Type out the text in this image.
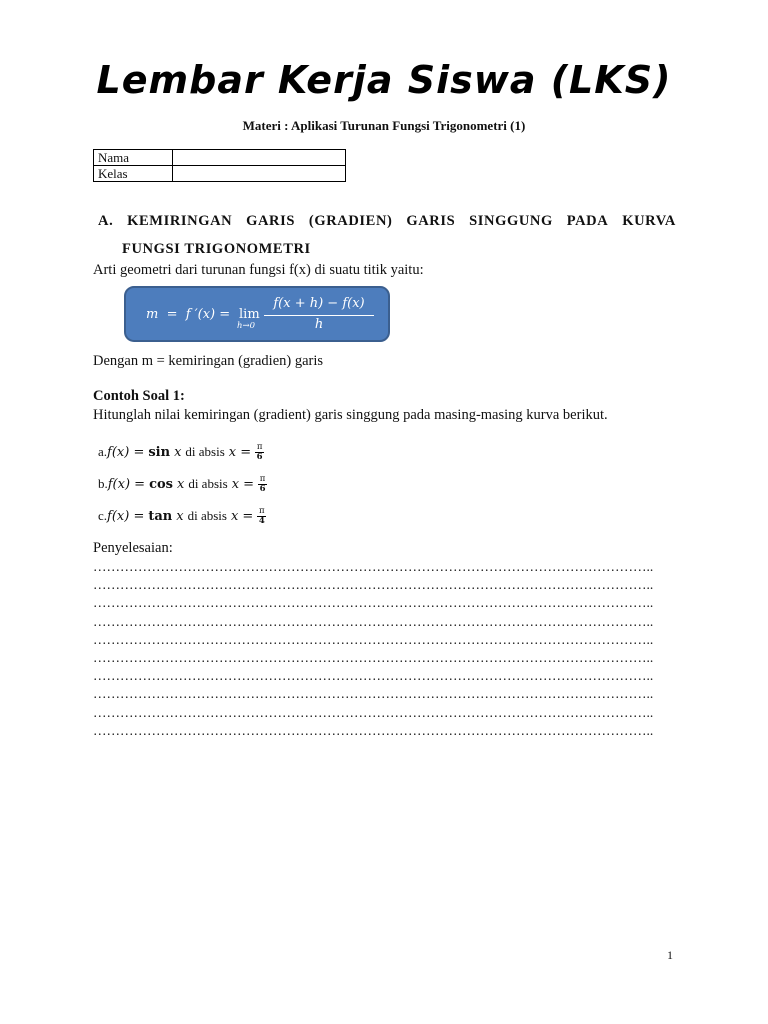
Lembar Kerja Siswa (LKS)
Materi : Aplikasi Turunan Fungsi Trigonometri (1)
Nama	
Kelas	
A. KEMIRINGAN GARIS (GRADIEN) GARIS SINGGUNG PADA KURVA
FUNGSI TRIGONOMETRI
Arti geometri dari turunan fungsi f(x) di suatu titik yaitu:
m  =  f ′(x) = lim
h→0
f(x + h) − f(x)
h
Dengan m = kemiringan (gradien) garis
Contoh Soal 1:
Hitunglah nilai kemiringan (gradient) garis singgung pada masing-masing kurva berikut.
a. f(x) = sin x di absis $x = \frac{\pi}{6}$
b. f(x) = cos x di absis $x = \frac{\pi}{6}$
c. f(x) = tan x di absis $x = \frac{\pi}{4}$
Penyelesaian:
……………………………………………………………………………………………………………..
……………………………………………………………………………………………………………..
……………………………………………………………………………………………………………..
……………………………………………………………………………………………………………..
……………………………………………………………………………………………………………..
……………………………………………………………………………………………………………..
……………………………………………………………………………………………………………..
……………………………………………………………………………………………………………..
……………………………………………………………………………………………………………..
……………………………………………………………………………………………………………..
1
